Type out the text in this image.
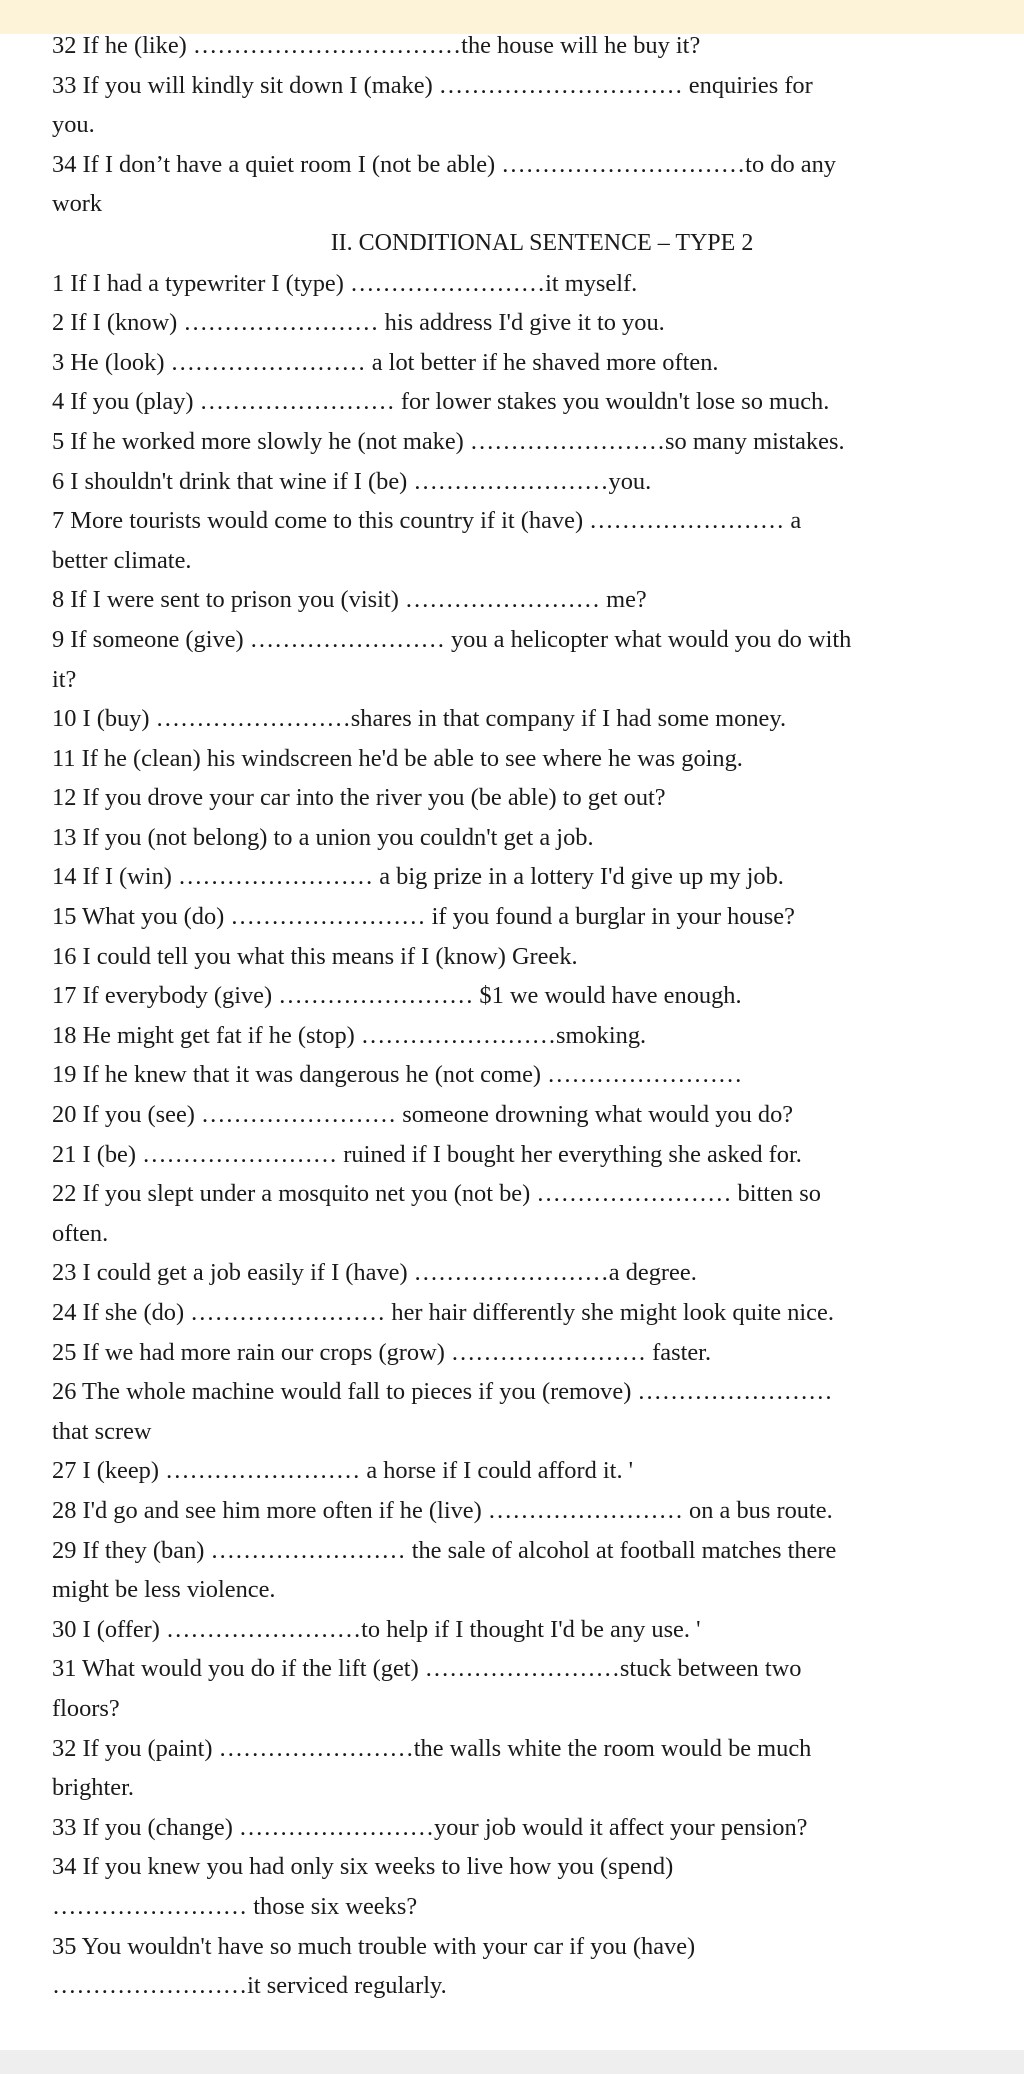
32 If he (like) ……………………………the house will he buy it?
33 If you will kindly sit down I (make) ………………………… enquiries for
you.
34 If I don’t have a quiet room I (not be able) …………………………to do any
work
II. CONDITIONAL SENTENCE – TYPE 2
1 If I had a typewriter I (type) ……………………it myself.
2 If I (know) …………………… his address I'd give it to you.
3 He (look) …………………… a lot better if he shaved more often.
4 If you (play) …………………… for lower stakes you wouldn't lose so much.
5 If he worked more slowly he (not make) ……………………so many mistakes.
6 I shouldn't drink that wine if I (be) ……………………you.
7 More tourists would come to this country if it (have) …………………… a
better climate.
8 If I were sent to prison you (visit) …………………… me?
9 If someone (give) …………………… you a helicopter what would you do with
it?
10 I (buy) ……………………shares in that company if I had some money.
11 If he (clean) his windscreen he'd be able to see where he was going.
12 If you drove your car into the river you (be able) to get out?
13 If you (not belong) to a union you couldn't get a job.
14 If I (win) …………………… a big prize in a lottery I'd give up my job.
15 What you (do) …………………… if you found a burglar in your house?
16 I could tell you what this means if I (know) Greek.
17 If everybody (give) …………………… $1 we would have enough.
18 He might get fat if he (stop) ……………………smoking.
19 If he knew that it was dangerous he (not come) ……………………
20 If you (see) …………………… someone drowning what would you do?
21 I (be) …………………… ruined if I bought her everything she asked for.
22 If you slept under a mosquito net you (not be) …………………… bitten so
often.
23 I could get a job easily if I (have) ……………………a degree.
24 If she (do) …………………… her hair differently she might look quite nice.
25 If we had more rain our crops (grow) …………………… faster.
26 The whole machine would fall to pieces if you (remove) ……………………
that screw
27 I (keep) …………………… a horse if I could afford it. '
28 I'd go and see him more often if he (live) …………………… on a bus route.
29 If they (ban) …………………… the sale of alcohol at football matches there
might be less violence.
30 I (offer) ……………………to help if I thought I'd be any use. '
31 What would you do if the lift (get) ……………………stuck between two
floors?
32 If you (paint) ……………………the walls white the room would be much
brighter.
33 If you (change) ……………………your job would it affect your pension?
34 If you knew you had only six weeks to live how you (spend)
…………………… those six weeks?
35 You wouldn't have so much trouble with your car if you (have)
……………………it serviced regularly.
